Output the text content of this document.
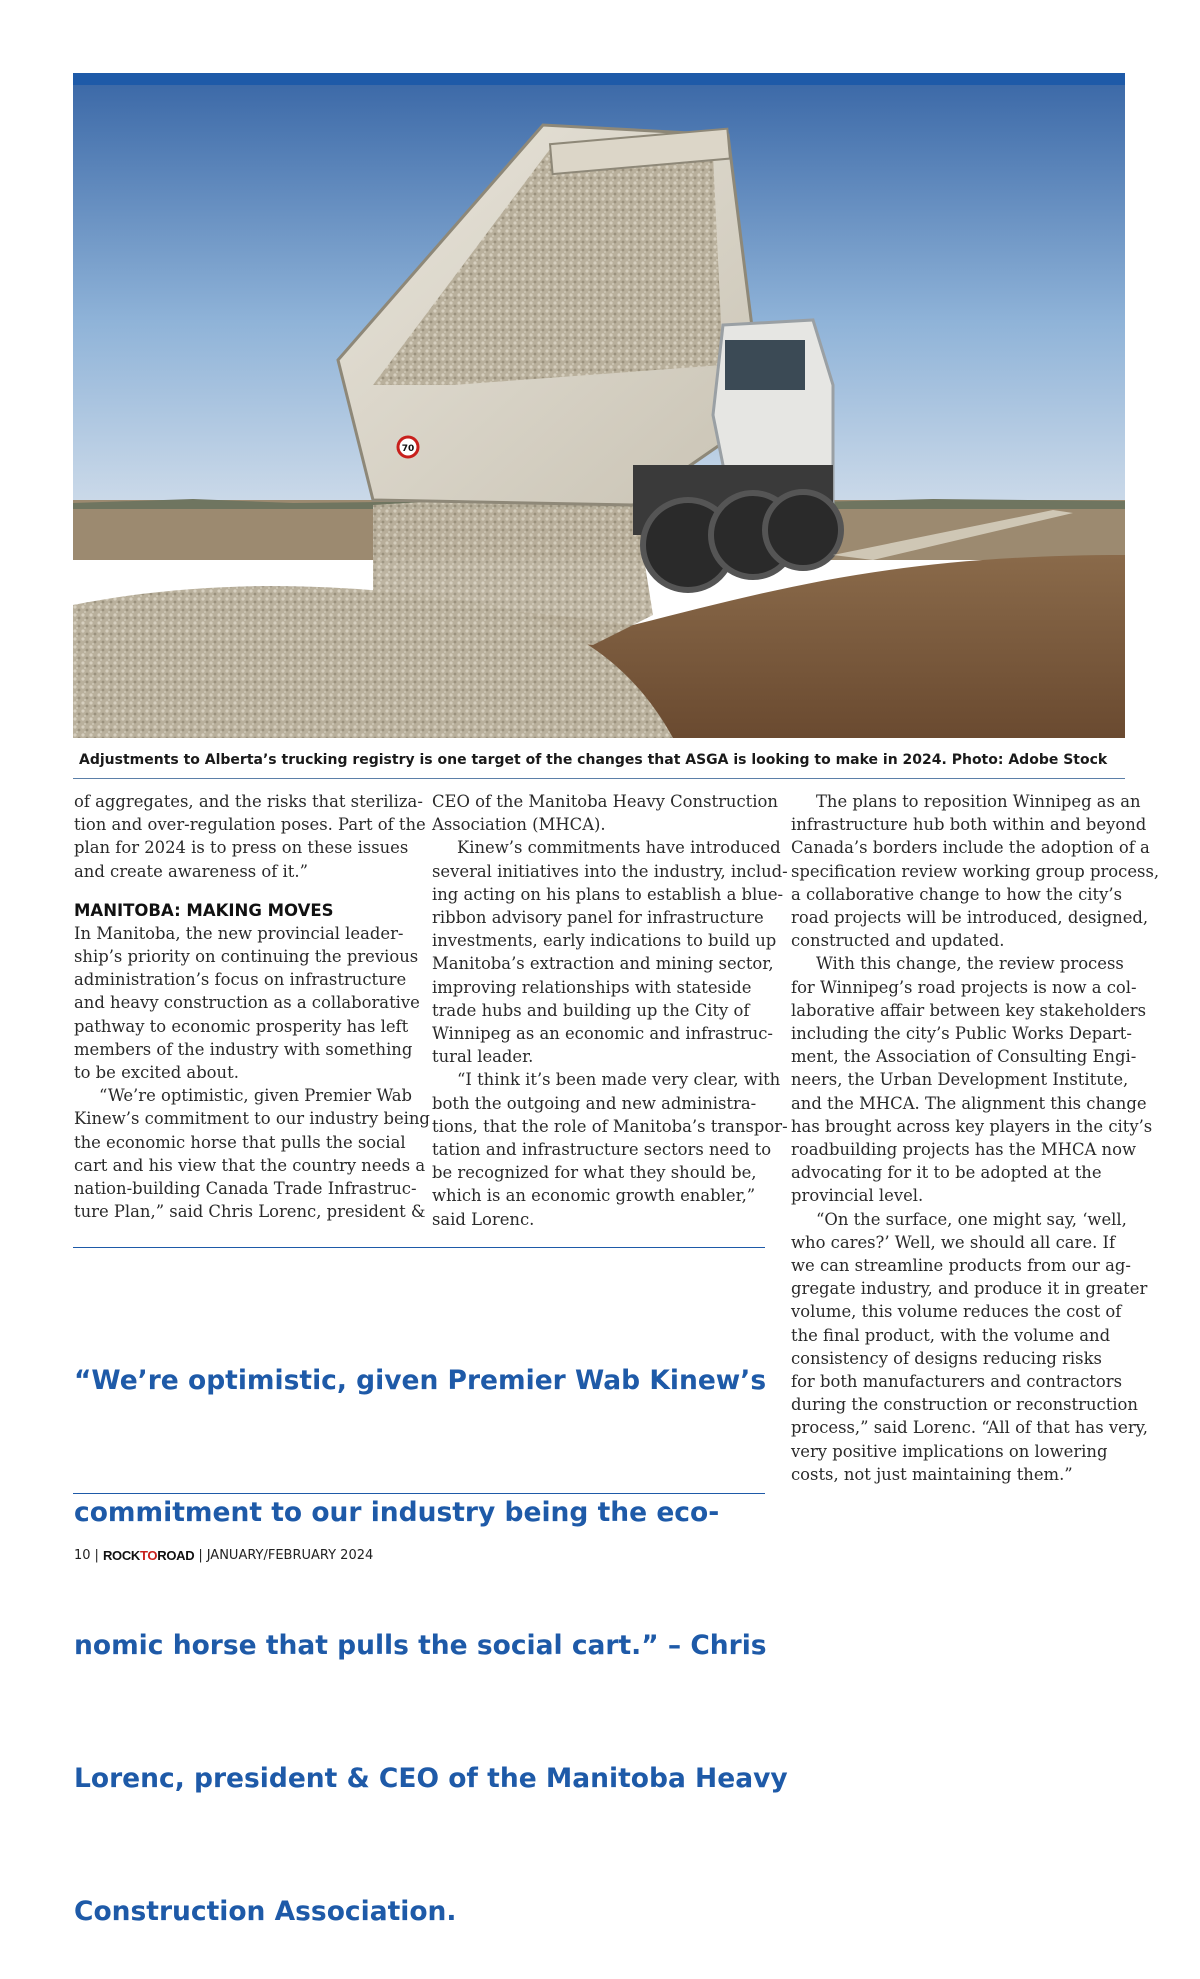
70
Adjustments to Alberta’s trucking registry is one target of the changes that ASGA is looking to make in 2024. Photo: Adobe Stock

of aggregates, and the risks that steriliza-

tion and over-regulation poses. Part of the

plan for 2024 is to press on these issues

and create awareness of it.”

MANITOBA: MAKING MOVES

In Manitoba, the new provincial leader-

ship’s priority on continuing the previous

administration’s focus on infrastructure

and heavy construction as a collaborative

pathway to economic prosperity has left

members of the industry with something

to be excited about.

“We’re optimistic, given Premier Wab

Kinew’s commitment to our industry being

the economic horse that pulls the social

cart and his view that the country needs a

nation-building Canada Trade Infrastruc-

ture Plan,” said Chris Lorenc, president &

CEO of the Manitoba Heavy Construction

Association (MHCA).

Kinew’s commitments have introduced

several initiatives into the industry, includ-

ing acting on his plans to establish a blue-

ribbon advisory panel for infrastructure

investments, early indications to build up

Manitoba’s extraction and mining sector,

improving relationships with stateside

trade hubs and building up the City of

Winnipeg as an economic and infrastruc-

tural leader.

“I think it’s been made very clear, with

both the outgoing and new administra-

tions, that the role of Manitoba’s transpor-

tation and infrastructure sectors need to

be recognized for what they should be,

which is an economic growth enabler,”

said Lorenc.

The plans to reposition Winnipeg as an

infrastructure hub both within and beyond

Canada’s borders include the adoption of a

specification review working group process,

a collaborative change to how the city’s

road projects will be introduced, designed,

constructed and updated.

With this change, the review process

for Winnipeg’s road projects is now a col-

laborative affair between key stakeholders

including the city’s Public Works Depart-

ment, the Association of Consulting Engi-

neers, the Urban Development Institute,

and the MHCA. The alignment this change

has brought across key players in the city’s

roadbuilding projects has the MHCA now

advocating for it to be adopted at the

provincial level.

“On the surface, one might say, ‘well,

who cares?’ Well, we should all care. If

we can streamline products from our ag-

gregate industry, and produce it in greater

volume, this volume reduces the cost of

the final product, with the volume and

consistency of designs reducing risks

for both manufacturers and contractors

during the construction or reconstruction

process,” said Lorenc. “All of that has very,

very positive implications on lowering

costs, not just maintaining them.”

“We’re optimistic, given Premier Wab Kinew’s

commitment to our industry being the eco-

nomic horse that pulls the social cart.” – Chris

Lorenc, president & CEO of the Manitoba Heavy

Construction Association.

10 | ROCKTOROAD | JANUARY/FEBRUARY 2024
